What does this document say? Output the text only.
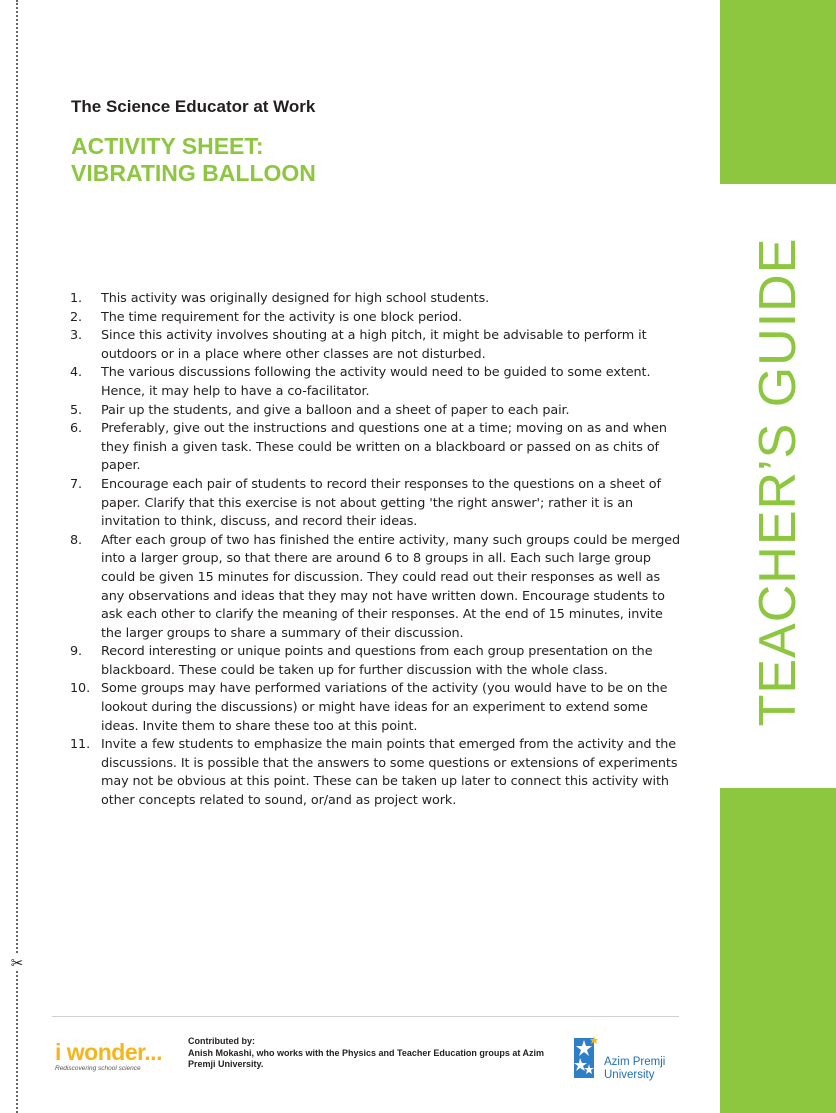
✂
TEACHER’S GUIDE
The Science Educator at Work
ACTIVITY SHEET:
VIBRATING BALLOON
1. This activity was originally designed for high school students.
2. The time requirement for the activity is one block period.
3. Since this activity involves shouting at a high pitch, it might be advisable to perform it outdoors or in a place where other classes are not disturbed.
4. The various discussions following the activity would need to be guided to some extent. Hence, it may help to have a co-facilitator.
5. Pair up the students, and give a balloon and a sheet of paper to each pair.
6. Preferably, give out the instructions and questions one at a time; moving on as and when they finish a given task. These could be written on a blackboard or passed on as chits of paper.
7. Encourage each pair of students to record their responses to the questions on a sheet of paper. Clarify that this exercise is not about getting 'the right answer'; rather it is an invitation to think, discuss, and record their ideas.
8. After each group of two has finished the entire activity, many such groups could be merged into a larger group, so that there are around 6 to 8 groups in all. Each such large group could be given 15 minutes for discussion. They could read out their responses as well as any observations and ideas that they may not have written down. Encourage students to ask each other to clarify the meaning of their responses. At the end of 15 minutes, invite the larger groups to share a summary of their discussion.
9. Record interesting or unique points and questions from each group presentation on the blackboard. These could be taken up for further discussion with the whole class.
10. Some groups may have performed variations of the activity (you would have to be on the lookout during the discussions) or might have ideas for an experiment to extend some ideas. Invite them to share these too at this point.
11. Invite a few students to emphasize the main points that emerged from the activity and the discussions. It is possible that the answers to some questions or extensions of experiments may not be obvious at this point. These can be taken up later to connect this activity with other concepts related to sound, or/and as project work.
i wonder...
Rediscovering school science
Contributed by:
Anish Mokashi, who works with the Physics and Teacher Education groups at Azim Premji University.	Azim Premji
University
